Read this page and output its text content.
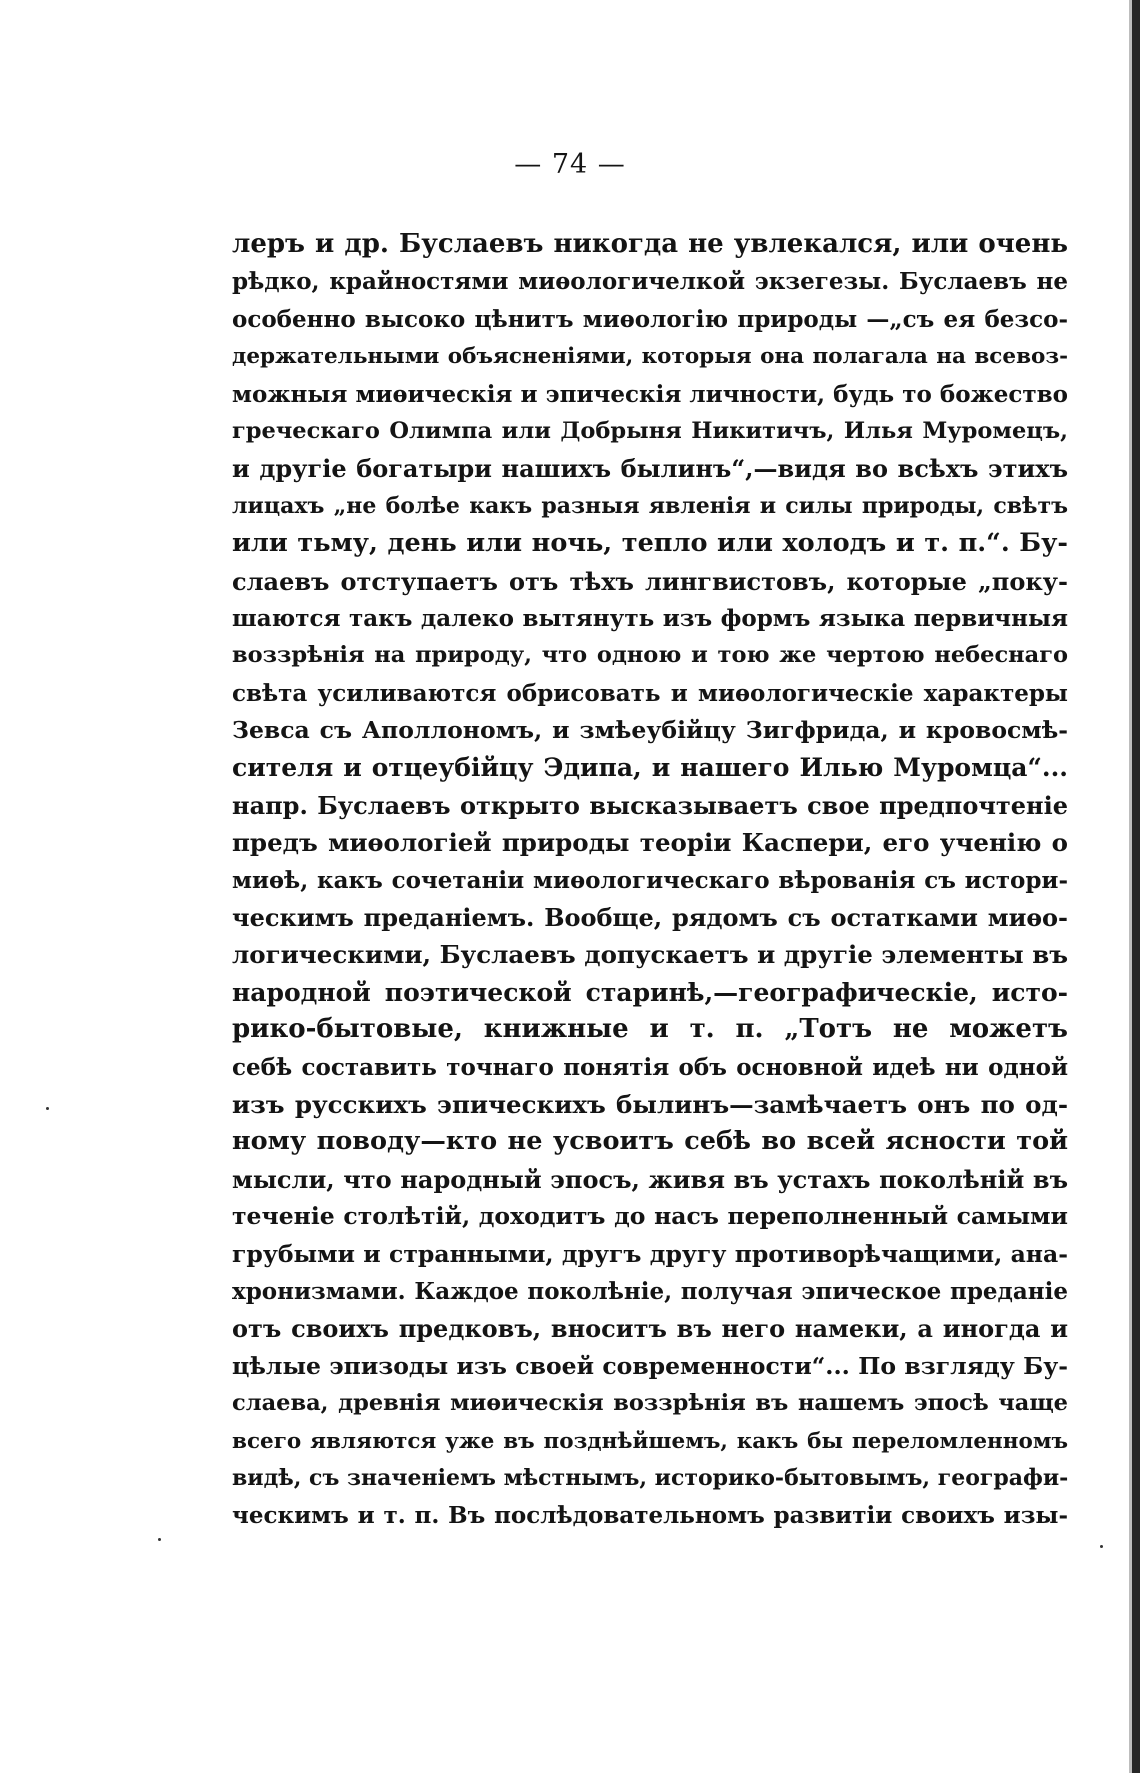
— 74 —
леръ и др. Буслаевъ никогда не увлекался, или очень
рѣдко, крайностями миѳологичелкой экзегезы. Буслаевъ не
особенно высоко цѣнитъ миѳологію природы —„съ ея безсо-
держательными объясненіями, которыя она полагала на всевоз-
можныя миѳическія и эпическія личности, будь то божество
греческаго Олимпа или Добрыня Никитичъ, Илья Муромецъ,
и другіе богатыри нашихъ былинъ“,—видя во всѣхъ этихъ
лицахъ „не болѣе какъ разныя явленія и силы природы, свѣтъ
или тьму, день или ночь, тепло или холодъ и т. п.“. Бу-
слаевъ отступаетъ отъ тѣхъ лингвистовъ, которые „поку-
шаются такъ далеко вытянуть изъ формъ языка первичныя
воззрѣнія на природу, что одною и тою же чертою небеснаго
свѣта усиливаются обрисовать и миѳологическіе характеры
Зевса съ Аполлономъ, и змѣеубійцу Зигфрида, и кровосмѣ-
сителя и отцеубійцу Эдипа, и нашего Илью Муромца“...
напр. Буслаевъ открыто высказываетъ свое предпочтеніе
предъ миѳологіей природы теоріи Каспери, его ученію о
миѳѣ, какъ сочетаніи миѳологическаго вѣрованія съ истори-
ческимъ преданіемъ. Вообще, рядомъ съ остатками миѳо-
логическими, Буслаевъ допускаетъ и другіе элементы въ
народной поэтической старинѣ,—географическіе, исто-
рико-бытовые, книжные и т. п. „Тотъ не можетъ
себѣ составить точнаго понятія объ основной идеѣ ни одной
изъ русскихъ эпическихъ былинъ—замѣчаетъ онъ по од-
ному поводу—кто не усвоитъ себѣ во всей ясности той
мысли, что народный эпосъ, живя въ устахъ поколѣній въ
теченіе столѣтій, доходитъ до насъ переполненный самыми
грубыми и странными, другъ другу противорѣчащими, ана-
хронизмами. Каждое поколѣніе, получая эпическое преданіе
отъ своихъ предковъ, вноситъ въ него намеки, а иногда и
цѣлые эпизоды изъ своей современности“... По взгляду Бу-
слаева, древнія миѳическія воззрѣнія въ нашемъ эпосѣ чаще
всего являются уже въ позднѣйшемъ, какъ бы переломленномъ
видѣ, съ значеніемъ мѣстнымъ, историко-бытовымъ, географи-
ческимъ и т. п. Въ послѣдовательномъ развитіи своихъ изы-
